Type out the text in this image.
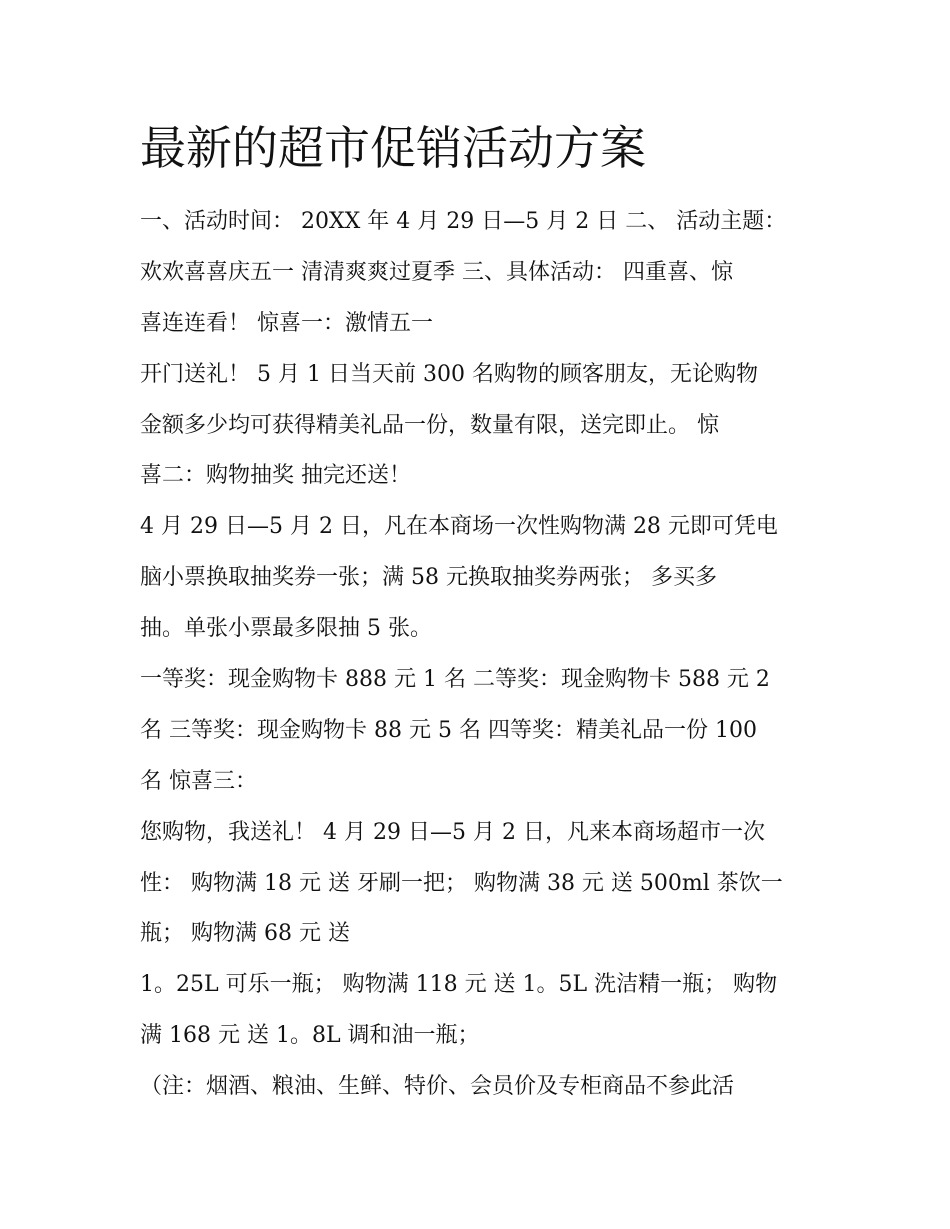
最新的超市促销活动方案
一、活动时间： 20XX 年 4 月 29 日—5 月 2 日 二、 活动主题：
欢欢喜喜庆五一 清清爽爽过夏季 三、具体活动： 四重喜、惊
喜连连看！ 惊喜一：激情五一
开门送礼！ 5 月 1 日当天前 300 名购物的顾客朋友，无论购物
金额多少均可获得精美礼品一份，数量有限，送完即止。 惊
喜二：购物抽奖 抽完还送！
4 月 29 日—5 月 2 日，凡在本商场一次性购物满 28 元即可凭电
脑小票换取抽奖券一张；满 58 元换取抽奖券两张； 多买多
抽。单张小票最多限抽 5 张。
一等奖：现金购物卡 888 元 1 名 二等奖：现金购物卡 588 元 2
名 三等奖：现金购物卡 88 元 5 名 四等奖：精美礼品一份 100
名 惊喜三：
您购物，我送礼！ 4 月 29 日—5 月 2 日，凡来本商场超市一次
性： 购物满 18 元 送 牙刷一把； 购物满 38 元 送 500ml 茶饮一
瓶； 购物满 68 元 送
1。25L 可乐一瓶； 购物满 118 元 送 1。5L 洗洁精一瓶； 购物
满 168 元 送 1。8L 调和油一瓶；
（注：烟酒、粮油、生鲜、特价、会员价及专柜商品不参此活
